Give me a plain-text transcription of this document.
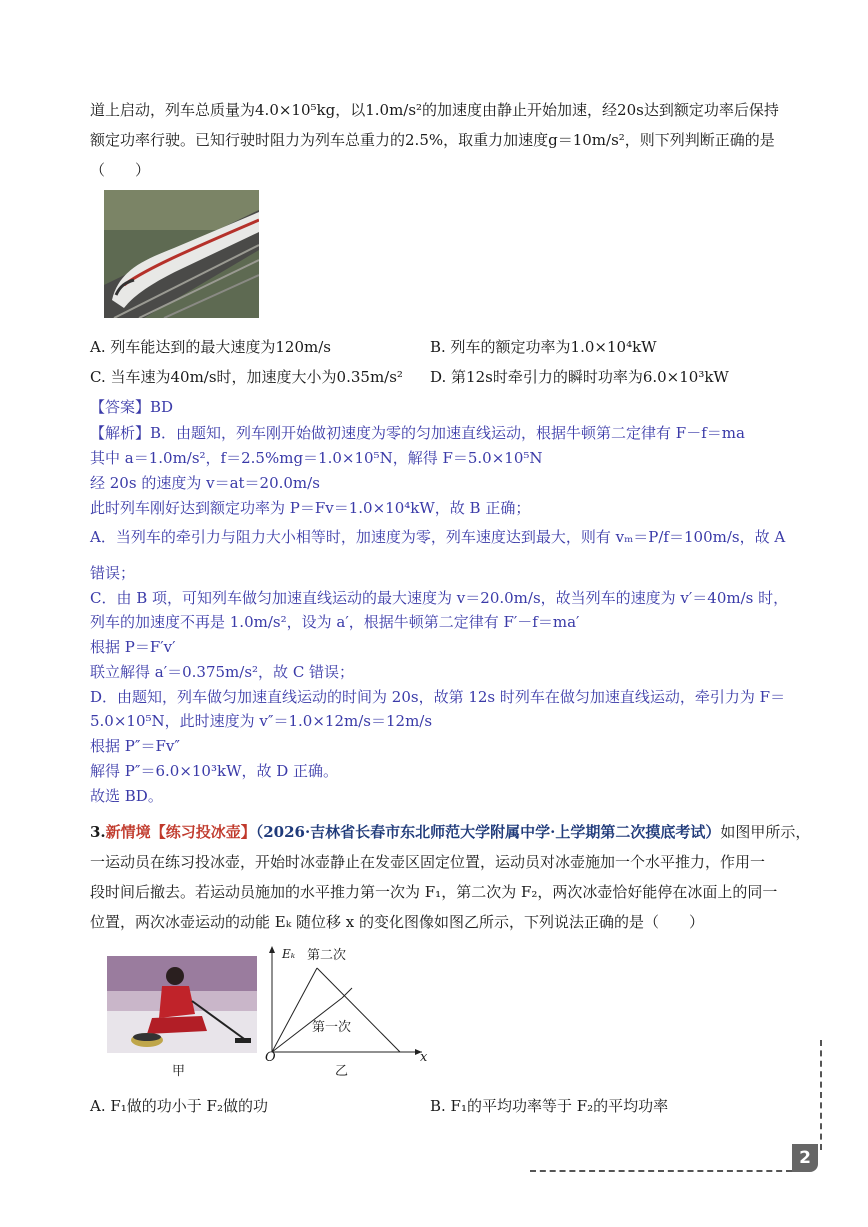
道上启动，列车总质量为4.0×10⁵kg，以1.0m/s²的加速度由静止开始加速，经20s达到额定功率后保持
额定功率行驶。已知行驶时阻力为列车总重力的2.5%，取重力加速度g＝10m/s²，则下列判断正确的是
（　　）
A. 列车能达到的最大速度为120m/s	B. 列车的额定功率为1.0×10⁴kW
C. 当车速为40m/s时，加速度大小为0.35m/s² D. 第12s时牵引力的瞬时功率为6.0×10³kW
【答案】BD
【解析】B．由题知，列车刚开始做初速度为零的匀加速直线运动，根据牛顿第二定律有 F－f＝ma
其中 a＝1.0m/s²，f＝2.5%mg＝1.0×10⁵N，解得 F＝5.0×10⁵N
经 20s 的速度为 v＝at＝20.0m/s
此时列车刚好达到额定功率为 P＝Fv＝1.0×10⁴kW，故 B 正确；
A．当列车的牵引力与阻力大小相等时，加速度为零，列车速度达到最大，则有 vₘ＝P/f＝100m/s，故 A
错误；
C．由 B 项，可知列车做匀加速直线运动的最大速度为 v＝20.0m/s，故当列车的速度为 v′＝40m/s 时，
列车的加速度不再是 1.0m/s²，设为 a′，根据牛顿第二定律有 F′－f＝ma′
根据 P＝F′v′
联立解得 a′＝0.375m/s²，故 C 错误；
D．由题知，列车做匀加速直线运动的时间为 20s，故第 12s 时列车在做匀加速直线运动，牵引力为 F＝
5.0×10⁵N，此时速度为 v″＝1.0×12m/s＝12m/s
根据 P″＝Fv″
解得 P″＝6.0×10³kW，故 D 正确。
故选 BD。
3.新情境【练习投冰壶】（2026·吉林省长春市东北师范大学附属中学·上学期第二次摸底考试）如图甲所示，
一运动员在练习投冰壶，开始时冰壶静止在发壶区固定位置，运动员对冰壶施加一个水平推力，作用一
段时间后撤去。若运动员施加的水平推力第一次为 F₁，第二次为 F₂，两次冰壶恰好能停在冰面上的同一
位置，两次冰壶运动的动能 Eₖ 随位移 x 的变化图像如图乙所示，下列说法正确的是（　　）
甲
Eₖ 第二次
第一次
O	x
乙
A. F₁做的功小于 F₂做的功	B. F₁的平均功率等于 F₂的平均功率
2
